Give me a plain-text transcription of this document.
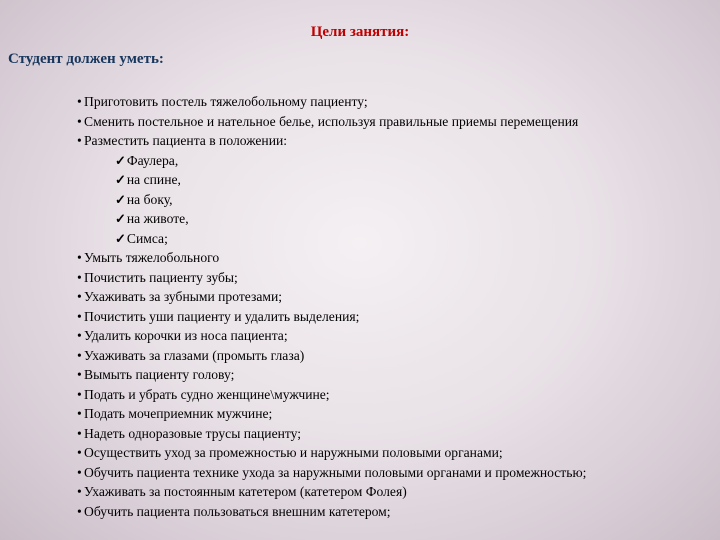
Цели занятия:
Студент должен уметь:
• Приготовить постель тяжелобольному пациенту;
• Сменить постельное и нательное белье, используя правильные приемы перемещения
• Разместить пациента в положении:
✓Фаулера,
✓на спине,
✓на боку,
✓на животе,
✓Симса;
• Умыть тяжелобольного
• Почистить пациенту зубы;
• Ухаживать за зубными протезами;
• Почистить уши пациенту и удалить выделения;
• Удалить корочки из носа пациента;
• Ухаживать за глазами (промыть глаза)
• Вымыть пациенту голову;
• Подать и убрать судно женщине\мужчине;
• Подать мочеприемник мужчине;
• Надеть одноразовые трусы пациенту;
• Осуществить уход за промежностью и наружными половыми органами;
• Обучить пациента технике ухода за наружными половыми органами и промежностью;
• Ухаживать за постоянным катетером (катетером Фолея)
• Обучить пациента пользоваться внешним катетером;
